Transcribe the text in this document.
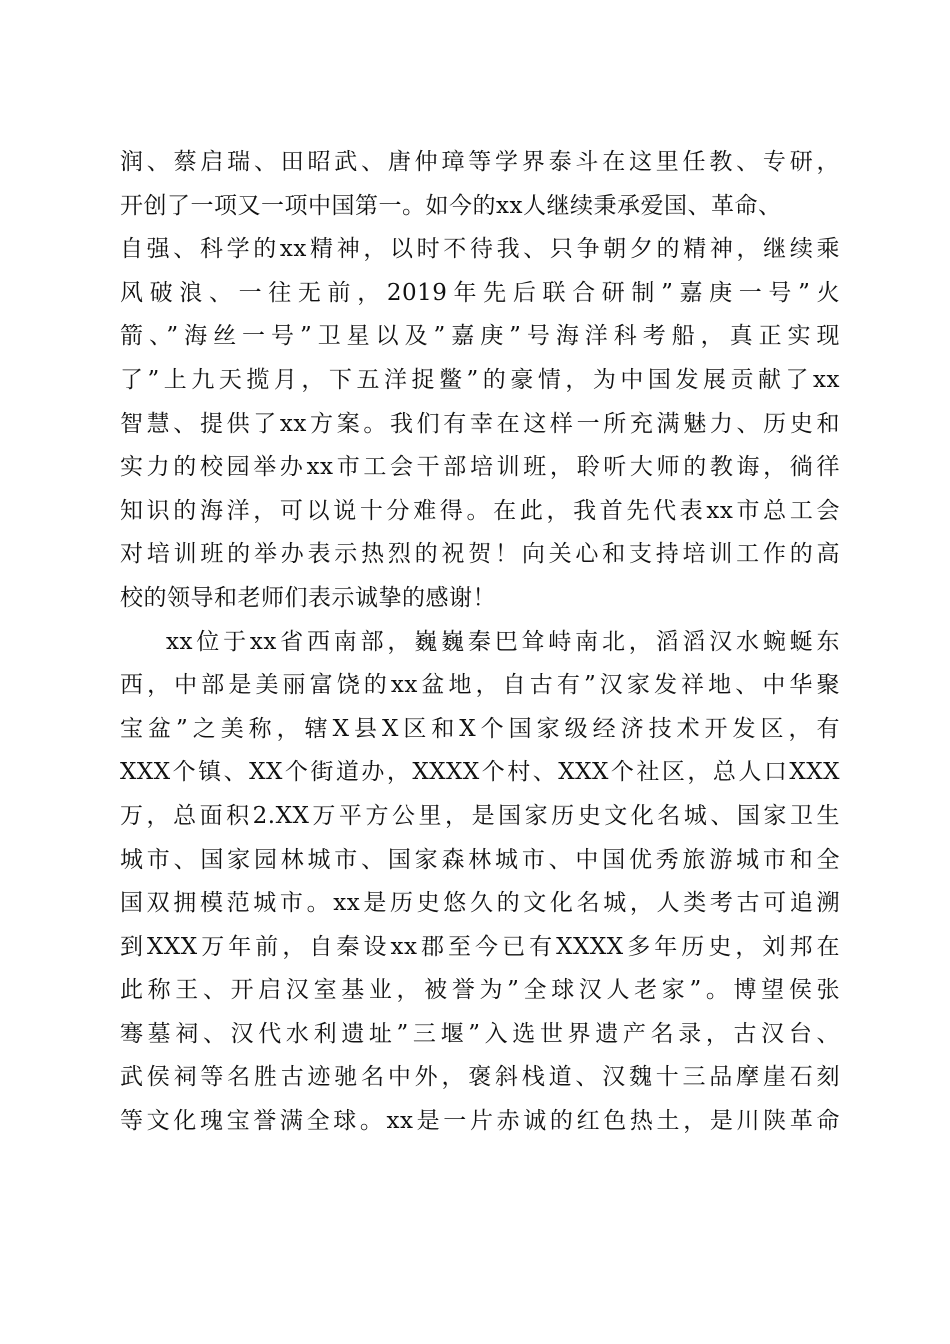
润、蔡启瑞、田昭武、唐仲璋等学界泰斗在这里任教、专研，
开创了一项又一项中国第一。如今的xx人继续秉承爱国、革命、
自强、科学的xx精神，以时不待我、只争朝夕的精神，继续乘
风破浪、一往无前，2019年先后联合研制”嘉庚一号”火
箭、”海丝一号”卫星以及”嘉庚”号海洋科考船，真正实现
了”上九天揽月，下五洋捉鳖”的豪情，为中国发展贡献了xx
智慧、提供了xx方案。我们有幸在这样一所充满魅力、历史和
实力的校园举办xx市工会干部培训班，聆听大师的教诲，徜徉
知识的海洋，可以说十分难得。在此，我首先代表xx市总工会
对培训班的举办表示热烈的祝贺！向关心和支持培训工作的高
校的领导和老师们表示诚挚的感谢！
xx位于xx省西南部，巍巍秦巴耸峙南北，滔滔汉水蜿蜒东
西，中部是美丽富饶的xx盆地，自古有”汉家发祥地、中华聚
宝盆”之美称，辖X县X区和X个国家级经济技术开发区，有
XXX个镇、XX个街道办，XXXX个村、XXX个社区，总人口XXX
万，总面积2.XX万平方公里，是国家历史文化名城、国家卫生
城市、国家园林城市、国家森林城市、中国优秀旅游城市和全
国双拥模范城市。xx是历史悠久的文化名城，人类考古可追溯
到XXX万年前，自秦设xx郡至今已有XXXX多年历史，刘邦在
此称王、开启汉室基业，被誉为”全球汉人老家”。博望侯张
骞墓祠、汉代水利遗址”三堰”入选世界遗产名录，古汉台、
武侯祠等名胜古迹驰名中外，褒斜栈道、汉魏十三品摩崖石刻
等文化瑰宝誉满全球。xx是一片赤诚的红色热土，是川陕革命
